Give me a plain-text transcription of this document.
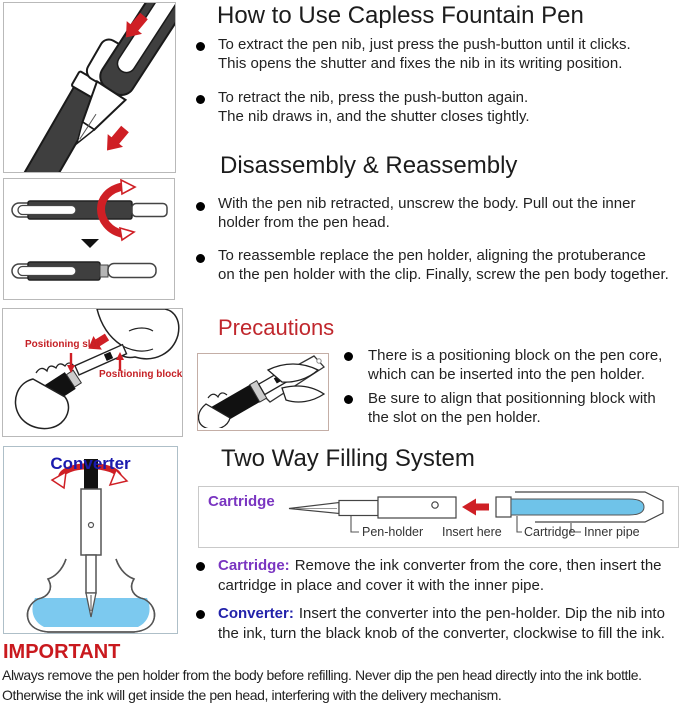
Positioning slot
Positioning block
Converter
How to Use Capless Fountain Pen
To extract the pen nib, just press the push-button until it clicks.
This opens the shutter and fixes the nib in its writing position.
To retract the nib, press the push-button again.
The nib draws in, and the shutter closes tightly.
Disassembly & Reassembly
With the pen nib retracted, unscrew the body. Pull out the inner
holder from the pen head.
To reassemble replace the pen holder, aligning the protuberance
on the pen holder with the clip. Finally, screw the pen body together.
Precautions
There is a positioning block on the pen core,
which can be inserted into the pen holder.
Be sure to align that positionning block with
the slot on the pen holder.
Two Way Filling System
Cartridge
Pen-holder Insert here Cartridge Inner pipe
Cartridge: Remove the ink converter from the core, then insert the
cartridge in place and cover it with the inner pipe.
Converter: Insert the converter into the pen-holder. Dip the nib into
the ink, turn the black knob of the converter, clockwise to fill the ink.
IMPORTANT
Always remove the pen holder from the body before refilling. Never dip the pen head directly into the ink bottle.
Otherwise the ink will get inside the pen head, interfering with the delivery mechanism.
